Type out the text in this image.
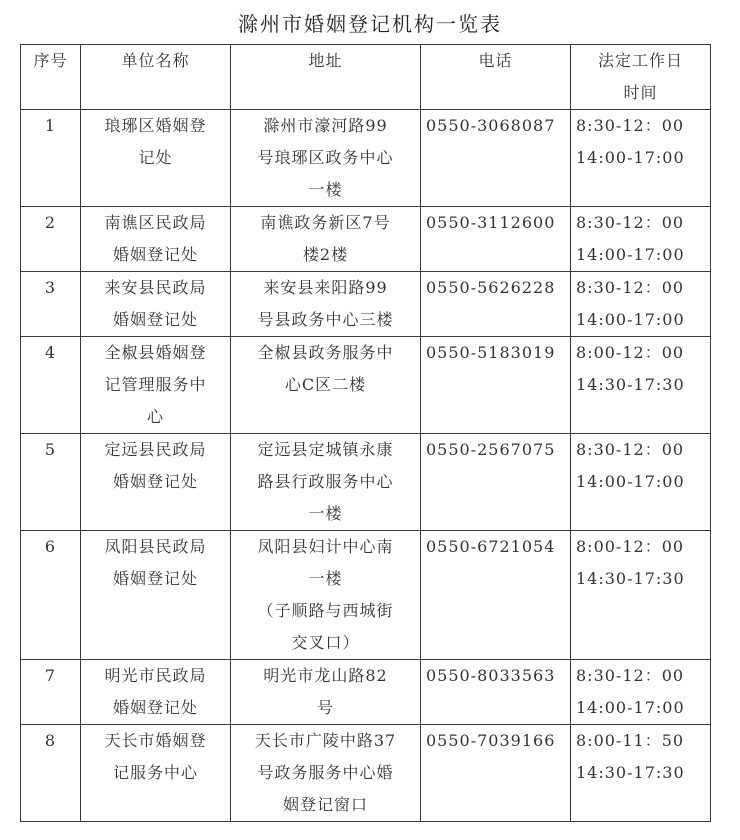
滁州市婚姻登记机构一览表
序号	单位名称	地址	电话	法定工作日
时间

1	琅琊区婚姻登
记处	滁州市濠河路99
号琅琊区政务中心
一楼	0550-3068087	8:30-12：00
14:00-17:00

2	南谯区民政局
婚姻登记处	南谯政务新区7号
楼2楼	0550-3112600	8:30-12：00
14:00-17:00

3	来安县民政局
婚姻登记处	来安县来阳路99
号县政务中心三楼	0550-5626228	8:30-12：00
14:00-17:00

4	全椒县婚姻登
记管理服务中
心	全椒县政务服务中
心C区二楼	0550-5183019	8:00-12：00
14:30-17:30

5	定远县民政局
婚姻登记处	定远县定城镇永康
路县行政服务中心
一楼	0550-2567075	8:30-12：00
14:00-17:00

6	凤阳县民政局
婚姻登记处	凤阳县妇计中心南
一楼
（子顺路与西城街
交叉口）	0550-6721054	8:00-12：00
14:30-17:30

7	明光市民政局
婚姻登记处	明光市龙山路82
号	0550-8033563	8:30-12：00
14:00-17:00

8	天长市婚姻登
记服务中心	天长市广陵中路37
号政务服务中心婚
姻登记窗口	0550-7039166	8:00-11：50
14:30-17:30
